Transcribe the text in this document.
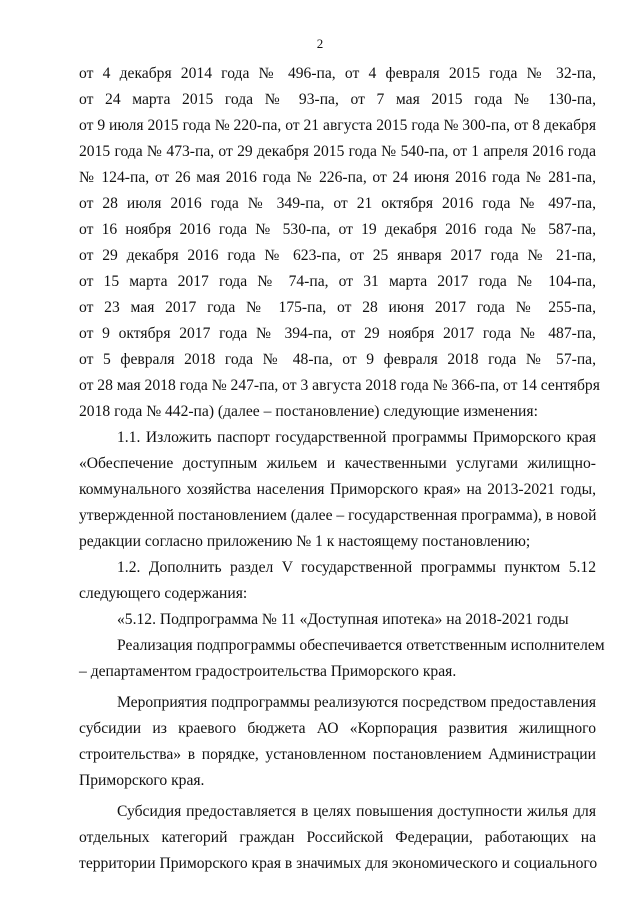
2
от 4 декабря 2014 года № 496-па, от 4 февраля 2015 года № 32-па,
от 24 марта 2015 года № 93-па, от 7 мая 2015 года № 130-па,
от 9 июля 2015 года № 220-па, от 21 августа 2015 года № 300-па, от 8 декабря
2015 года № 473-па, от 29 декабря 2015 года № 540-па, от 1 апреля 2016 года
№ 124-па, от 26 мая 2016 года № 226-па, от 24 июня 2016 года № 281-па,
от 28 июля 2016 года № 349-па, от 21 октября 2016 года № 497-па,
от 16 ноября 2016 года № 530-па, от 19 декабря 2016 года № 587-па,
от 29 декабря 2016 года № 623-па, от 25 января 2017 года № 21-па,
от 15 марта 2017 года № 74-па, от 31 марта 2017 года № 104-па,
от 23 мая 2017 года № 175-па, от 28 июня 2017 года № 255-па,
от 9 октября 2017 года № 394-па, от 29 ноября 2017 года № 487-па,
от 5 февраля 2018 года № 48-па, от 9 февраля 2018 года № 57-па,
от 28 мая 2018 года № 247-па, от 3 августа 2018 года № 366-па, от 14 сентября
2018 года № 442-па) (далее – постановление) следующие изменения:
1.1. Изложить паспорт государственной программы Приморского края
«Обеспечение доступным жильем и качественными услугами жилищно-
коммунального хозяйства населения Приморского края» на 2013-2021 годы,
утвержденной постановлением (далее – государственная программа), в новой
редакции согласно приложению № 1 к настоящему постановлению;
1.2. Дополнить раздел V государственной программы пунктом 5.12
следующего содержания:
«5.12. Подпрограмма № 11 «Доступная ипотека» на 2018-2021 годы
Реализация подпрограммы обеспечивается ответственным исполнителем
– департаментом градостроительства Приморского края.
Мероприятия подпрограммы реализуются посредством предоставления
субсидии из краевого бюджета АО «Корпорация развития жилищного
строительства» в порядке, установленном постановлением Администрации
Приморского края.
Субсидия предоставляется в целях повышения доступности жилья для
отдельных категорий граждан Российской Федерации, работающих на
территории Приморского края в значимых для экономического и социального
